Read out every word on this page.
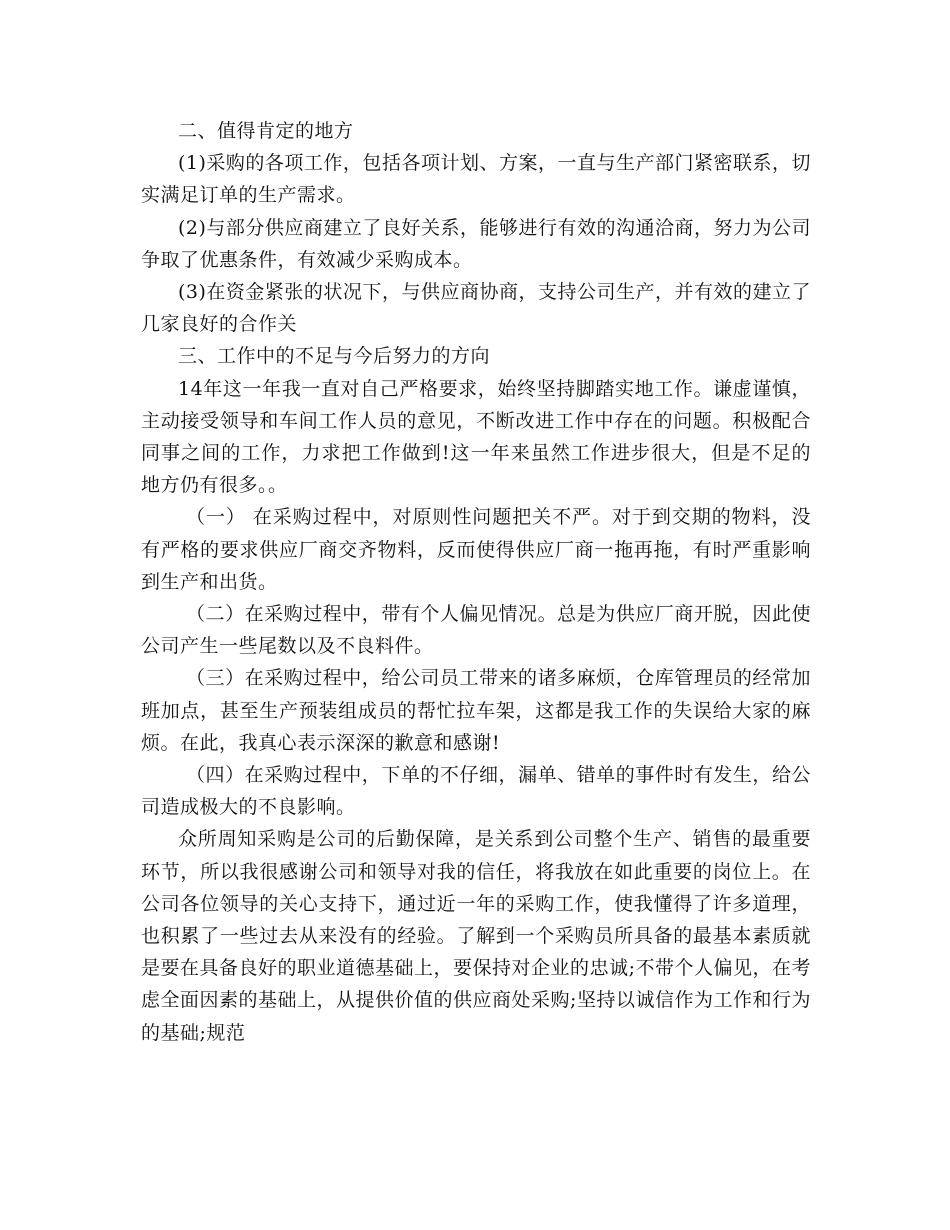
二、值得肯定的地方

(1)采购的各项工作，包括各项计划、方案，一直与生产部门紧密联系，切实满足订单的生产需求。

(2)与部分供应商建立了良好关系，能够进行有效的沟通洽商，努力为公司争取了优惠条件，有效减少采购成本。

(3)在资金紧张的状况下，与供应商协商，支持公司生产，并有效的建立了几家良好的合作关

三、工作中的不足与今后努力的方向

14年这一年我一直对自己严格要求，始终坚持脚踏实地工作。谦虚谨慎，主动接受领导和车间工作人员的意见，不断改进工作中存在的问题。积极配合同事之间的工作，力求把工作做到!这一年来虽然工作进步很大，但是不足的地方仍有很多。。

（一） 在采购过程中，对原则性问题把关不严。对于到交期的物料，没有严格的要求供应厂商交齐物料，反而使得供应厂商一拖再拖，有时严重影响到生产和出货。

（二）在采购过程中，带有个人偏见情况。总是为供应厂商开脱，因此使公司产生一些尾数以及不良料件。

（三）在采购过程中，给公司员工带来的诸多麻烦，仓库管理员的经常加班加点，甚至生产预装组成员的帮忙拉车架，这都是我工作的失误给大家的麻烦。在此，我真心表示深深的歉意和感谢!

（四）在采购过程中，下单的不仔细，漏单、错单的事件时有发生，给公司造成极大的不良影响。

众所周知采购是公司的后勤保障，是关系到公司整个生产、销售的最重要环节，所以我很感谢公司和领导对我的信任，将我放在如此重要的岗位上。在公司各位领导的关心支持下，通过近一年的采购工作，使我懂得了许多道理，也积累了一些过去从来没有的经验。了解到一个采购员所具备的最基本素质就是要在具备良好的职业道德基础上，要保持对企业的忠诚;不带个人偏见，在考虑全面因素的基础上，从提供价值的供应商处采购;坚持以诚信作为工作和行为的基础;规范
